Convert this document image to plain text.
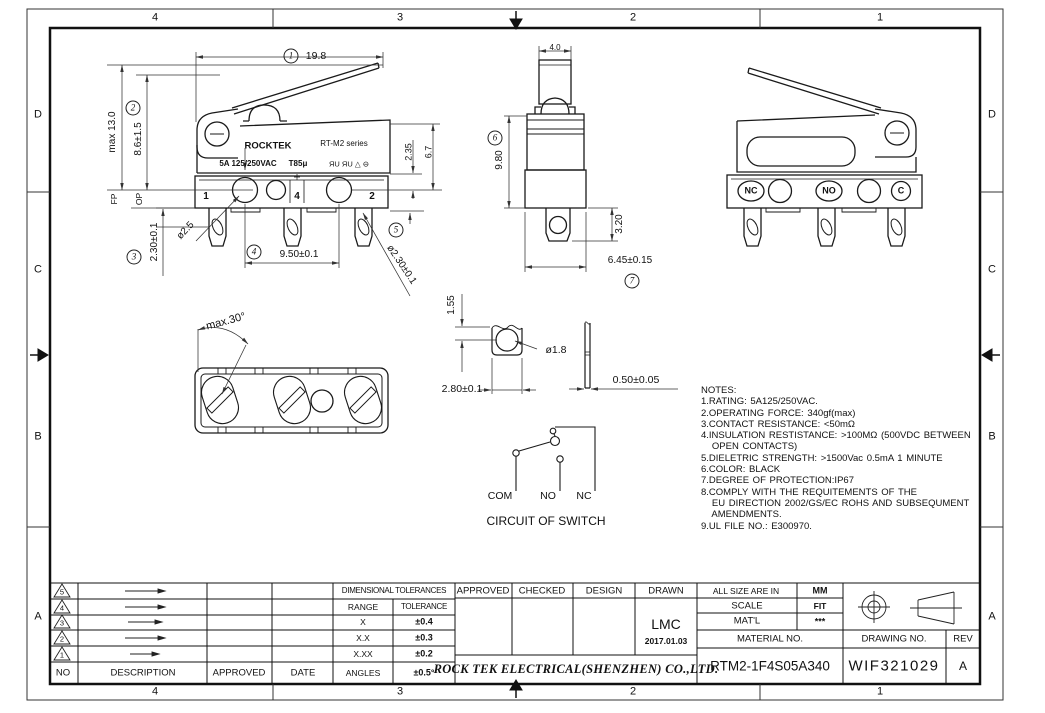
4	3	2	1
4	3	2	1
D
C
B
A
D
C
B
A
1	19.8
max 13.0
2
8.6±1.5
FP OP
2.30±0.1
3
ø2.5
1	4	2
4	9.50±0.1
5
ø2.30±0.1
2.35 6.7
ROCKTEK	RT-M2 series
5A 125/250VAC T85μ	ЯU ЯU △ ⊖
4.0
6
9.80
3.20
6.45±0.15
7
NC	NO	C
max.30°
1.55
ø1.8
2.80±0.1
0.50±0.05
COM	NO NC
CIRCUIT OF SWITCH
NOTES:
1.RATING: 5A125/250VAC.
2.OPERATING FORCE: 340gf(max)
3.CONTACT RESISTANCE: <50mΩ
4.INSULATION RESTISTANCE: >100MΩ (500VDC BETWEEN
OPEN CONTACTS)
5.DIELETRIC STRENGTH: >1500Vac 0.5mA 1 MINUTE
6.COLOR: BLACK
7.DEGREE OF PROTECTION:IP67
8.COMPLY WITH THE REQUITEMENTS OF THE
EU DIRECTION 2002/GS/EC ROHS AND SUBSEQUMENT
AMENDMENTS.
9.UL FILE NO.: E300970.
NO	DESCRIPTION	APPROVED	DATE
5
4
3
2
1
DIMENSIONAL TOLERANCES
RANGE	TOLERANCE
X	±0.4
X.X	±0.3
X.XX	±0.2
ANGLES	±0.5°
APPROVED CHECKED DESIGN	DRAWN
LMC
2017.01.03
ROCK TEK ELECTRICAL(SHENZHEN) CO.,LTD.
ALL SIZE ARE IN	MM
SCALE	FIT
MAT'L	***
MATERIAL NO.
RTM2-1F4S05A340
DRAWING NO.	REV
WIF321029 A
